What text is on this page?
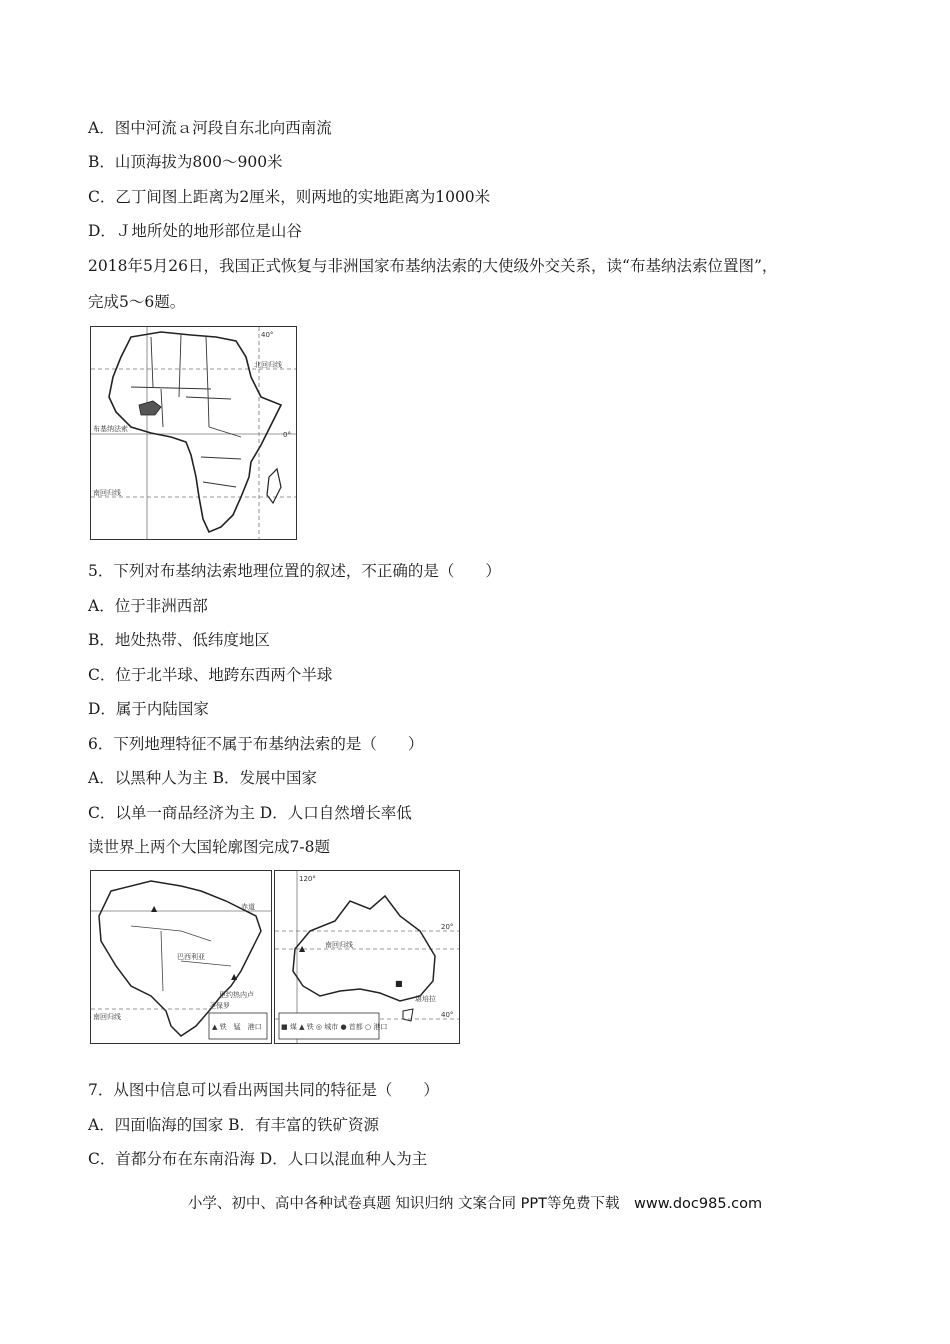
A．图中河流ａ河段自东北向西南流
B．山顶海拔为800～900米
C．乙丁间图上距离为2厘米，则两地的实地距离为1000米
D．Ｊ地所处的地形部位是山谷
2018年5月26日，我国正式恢复与非洲国家布基纳法索的大使级外交关系，读“布基纳法索位置图”，
完成5～6题。
40°
0°
北回归线
南回归线
布基纳法索
5．下列对布基纳法索地理位置的叙述，不正确的是（　　）
A．位于非洲西部
B．地处热带、低纬度地区
C．位于北半球、地跨东西两个半球
D．属于内陆国家
6．下列地理特征不属于布基纳法索的是（　　）
A．以黑种人为主 B．发展中国家
C．以单一商品经济为主 D．人口自然增长率低
读世界上两个大国轮廓图完成7-8题
▲
▲
赤道
巴西利亚
里约热内卢
圣保罗
南回归线
▲ 铁　锰　港口
▲
■
120°
20°
40°
南回归线
堪培拉
■ 煤 ▲ 铁 ◎ 城市 ● 首都 ○ 港口
7．从图中信息可以看出两国共同的特征是（　　）
A．四面临海的国家 B．有丰富的铁矿资源
C．首都分布在东南沿海 D．人口以混血种人为主
小学、初中、高中各种试卷真题 知识归纳 文案合同 PPT等免费下载　www.doc985.com
